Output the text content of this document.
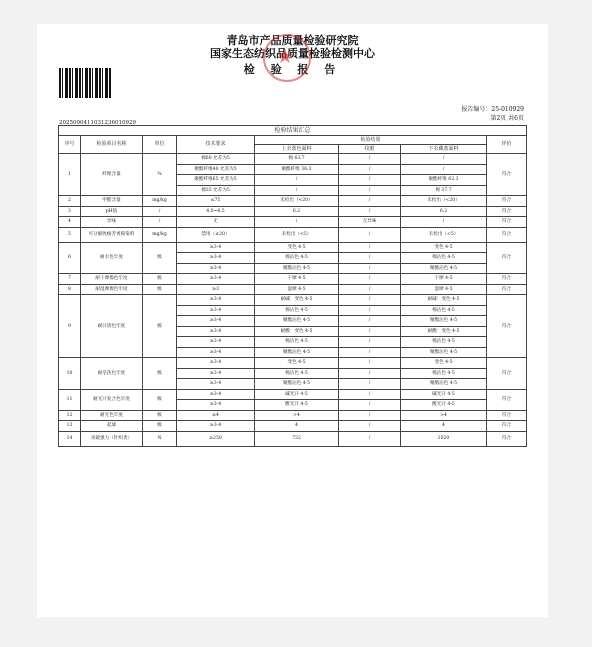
青岛市产品质量检验研究院
国家生态纺织品质量检验检测中心
检 验 报 告
★
2025090411031236010929
报告编号：25-010929
第2页 共6页
检验结果汇总							
序号	检验项目名称	单位	技术要求	检验结果			评价
				上衣蓝色面料	纹眼	下衣藏蓝面料	
1	纤维含量	%	棉60 允差为5	棉 63.7	/	/	符合
			聚酯纤维40 允差为5	聚酯纤维 36.3	/	/	
			聚酯纤维65 允差为5	/	/	聚酯纤维 62.3	
			棉35 允差为5	/	/	棉 37.7	
2	甲醛含量	mg/kg	≤75	未检出（<20）	/	未检出（<20）	符合
3	pH值	/	4.0~8.5	6.2	/	6.2	符合
4	异味	/	无	/	无异味	/	符合
5	可分解致癌芳香胺染料	mg/kg	禁用（≤20）	未检出（<5）	/	未检出（<5）	符合
6	耐水色牢度	级	≥3-4	变色 4-5	/	变色 4-5	符合
			≥3-4	棉沾色 4-5	/	棉沾色 4-5	
			≥3-4	聚酯沾色 4-5	/	聚酯沾色 4-5	
7	耐干摩擦色牢度	级	≥3-4	干摩 4-5	/	干摩 4-5	符合
8	耐湿摩擦色牢度	级	≥3	湿摩 4-5	/	湿摩 4-5	符合
9	耐汗渍色牢度	级	≥3-4	耐碱：变色 4-5	/	耐碱：变色 4-5	符合
			≥3-4	棉沾色 4-5	/	棉沾色 4-5	
			≥3-4	聚酯沾色 4-5	/	聚酯沾色 4-5	
			≥3-4	耐酸：变色 4-5	/	耐酸：变色 4-5	
			≥3-4	棉沾色 4-5	/	棉沾色 4-5	
			≥3-4	聚酯沾色 4-5	/	聚酯沾色 4-5	
10	耐皂洗色牢度	级	≥3-4	变色 4-5	/	变色 4-5	符合
			≥3-4	棉沾色 4-5	/	棉沾色 4-5	
			≥3-4	聚酯沾色 4-5	/	聚酯沾色 4-5	
11	耐光汗复合色牢度	级	≥3-4	碱光汗 4-5	/	碱光汗 4-5	符合
			≥3-4	酸光汗 4-5	/	酸光汗 4-5	
12	耐光色牢度	级	≥4	>4	/	>4	符合
13	起球	级	≥3-4	4	/	4	符合
14	顶破强力（针织类）	N	≥250	732	/	1020	符合
